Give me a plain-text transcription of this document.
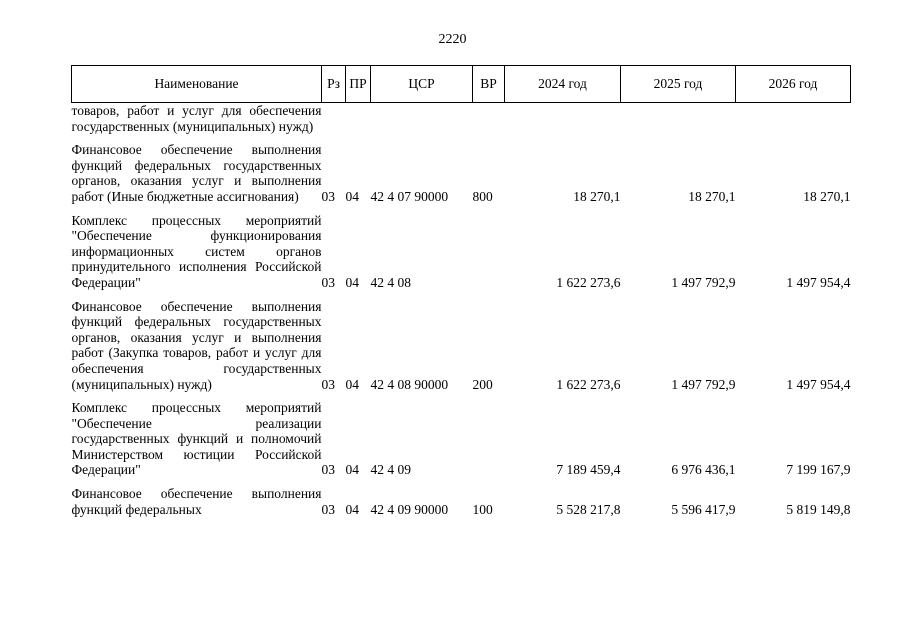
2220
Наименование	Рз	ПР	ЦСР	ВР	2024 год	2025 год	2026 год
товаров, работ и услуг для обеспечения государственных (муниципальных) нужд)							

Финансовое обеспечение выполнения функций федеральных государственных органов, оказания услуг и выполнения работ (Иные бюджетные ассигнования)	03	04	42 4 07 90000	800	18 270,1	18 270,1	18 270,1

Комплекс процессных мероприятий "Обеспечение функционирования информационных систем органов принудительного исполнения Российской Федерации"	03	04	42 4 08		1 622 273,6	1 497 792,9	1 497 954,4

Финансовое обеспечение выполнения функций федеральных государственных органов, оказания услуг и выполнения работ (Закупка товаров, работ и услуг для обеспечения государственных (муниципальных) нужд)	03	04	42 4 08 90000	200	1 622 273,6	1 497 792,9	1 497 954,4

Комплекс процессных мероприятий "Обеспечение реализации государственных функций и полномочий Министерством юстиции Российской Федерации"	03	04	42 4 09		7 189 459,4	6 976 436,1	7 199 167,9

Финансовое обеспечение выполнения функций федеральных	03	04	42 4 09 90000	100	5 528 217,8	5 596 417,9	5 819 149,8
